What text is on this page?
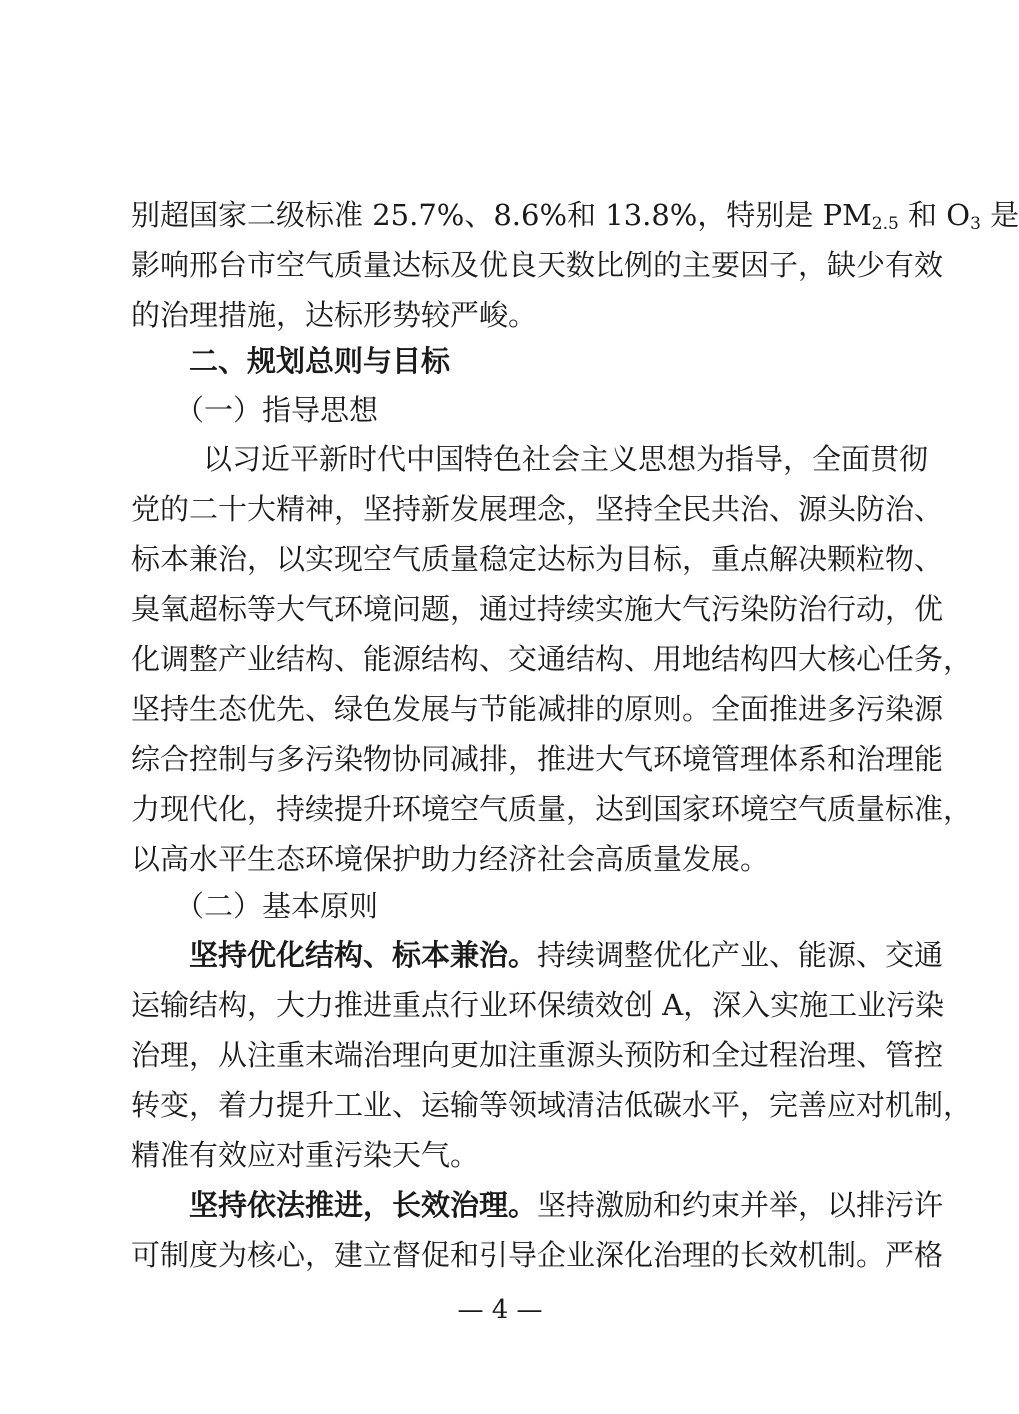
别超国家二级标准 25.7%、8.6%和 13.8%，特别是 $PM_{2.5}$ 和 $O_3$ 是
影响邢台市空气质量达标及优良天数比例的主要因子，缺少有效
的治理措施，达标形势较严峻。
二、规划总则与目标
（一）指导思想
以习近平新时代中国特色社会主义思想为指导，全面贯彻
党的二十大精神，坚持新发展理念，坚持全民共治、源头防治、
标本兼治，以实现空气质量稳定达标为目标，重点解决颗粒物、
臭氧超标等大气环境问题，通过持续实施大气污染防治行动，优
化调整产业结构、能源结构、交通结构、用地结构四大核心任务，
坚持生态优先、绿色发展与节能减排的原则。全面推进多污染源
综合控制与多污染物协同减排，推进大气环境管理体系和治理能
力现代化，持续提升环境空气质量，达到国家环境空气质量标准，
以高水平生态环境保护助力经济社会高质量发展。
（二）基本原则
坚持优化结构、标本兼治。持续调整优化产业、能源、交通
运输结构，大力推进重点行业环保绩效创 A，深入实施工业污染
治理，从注重末端治理向更加注重源头预防和全过程治理、管控
转变，着力提升工业、运输等领域清洁低碳水平，完善应对机制，
精准有效应对重污染天气。
坚持依法推进，长效治理。坚持激励和约束并举，以排污许
可制度为核心，建立督促和引导企业深化治理的长效机制。严格
— 4 —
